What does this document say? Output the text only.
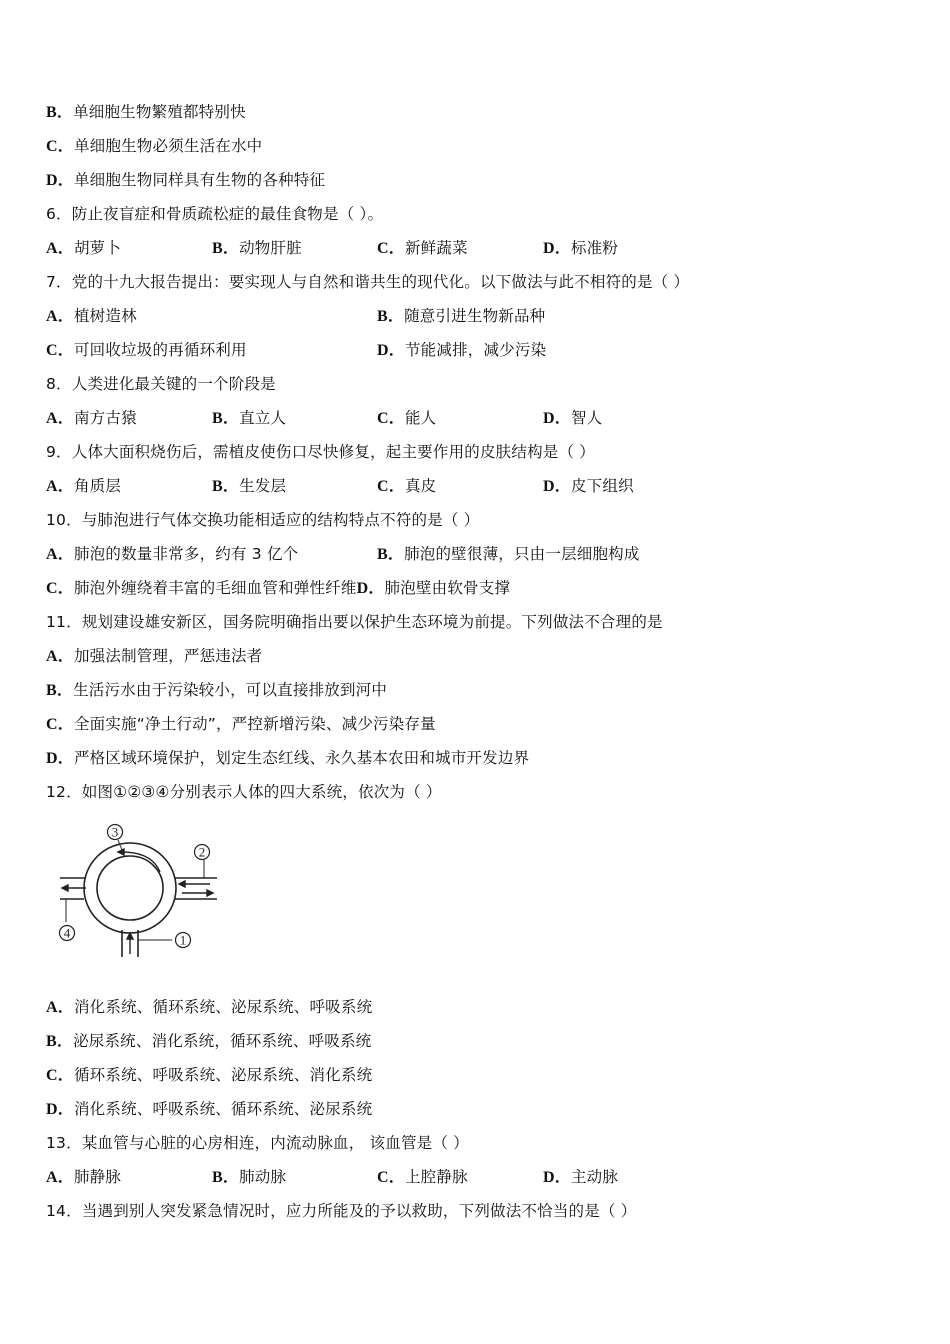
B．单细胞生物繁殖都特别快
C．单细胞生物必须生活在水中
D．单细胞生物同样具有生物的各种特征
6．防止夜盲症和骨质疏松症的最佳食物是（ ）。
A．胡萝卜	B．动物肝脏	C．新鲜蔬菜	D．标准粉
7．党的十九大报告提出：要实现人与自然和谐共生的现代化。以下做法与此不相符的是（ ）
A．植树造林	B．随意引进生物新品种
C．可回收垃圾的再循环利用	D．节能减排，减少污染
8．人类进化最关键的一个阶段是
A．南方古猿	B．直立人	C．能人	D．智人
9．人体大面积烧伤后，需植皮使伤口尽快修复，起主要作用的皮肤结构是（ ）
A．角质层	B．生发层	C．真皮	D．皮下组织
10．与肺泡进行气体交换功能相适应的结构特点不符的是（ ）
A．肺泡的数量非常多，约有 3 亿个	B．肺泡的壁很薄，只由一层细胞构成
C．肺泡外缠绕着丰富的毛细血管和弹性纤维D．肺泡壁由软骨支撑
11．规划建设雄安新区，国务院明确指出要以保护生态环境为前提。下列做法不合理的是
A．加强法制管理，严惩违法者
B．生活污水由于污染较小，可以直接排放到河中
C．全面实施“净土行动”，严控新增污染、减少污染存量
D．严格区域环境保护，划定生态红线、永久基本农田和城市开发边界
12．如图①②③④分别表示人体的四大系统，依次为（ ）
3
2
4	1
A．消化系统、循环系统、泌尿系统、呼吸系统
B．泌尿系统、消化系统，循环系统、呼吸系统
C．循环系统、呼吸系统、泌尿系统、消化系统
D．消化系统、呼吸系统、循环系统、泌尿系统
13．某血管与心脏的心房相连，内流动脉血， 该血管是（ ）
A．肺静脉	B．肺动脉	C．上腔静脉	D．主动脉
14．当遇到别人突发紧急情况时，应力所能及的予以救助，下列做法不恰当的是（ ）
